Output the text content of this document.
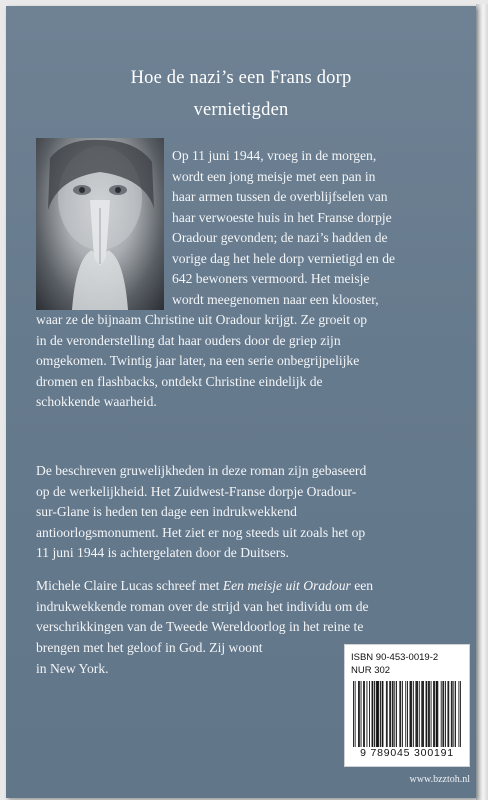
Hoe de nazi’s een Frans dorp
vernietigden
Op 11 juni 1944, vroeg in de morgen,
wordt een jong meisje met een pan in
haar armen tussen de overblijfselen van
haar verwoeste huis in het Franse dorpje
Oradour gevonden; de nazi’s hadden de
vorige dag het hele dorp vernietigd en de
642 bewoners vermoord. Het meisje
wordt meegenomen naar een klooster,
waar ze de bijnaam Christine uit Oradour krijgt. Ze groeit op
in de veronderstelling dat haar ouders door de griep zijn
omgekomen. Twintig jaar later, na een serie onbegrijpelijke
dromen en flashbacks, ontdekt Christine eindelijk de
schokkende waarheid.
De beschreven gruwelijkheden in deze roman zijn gebaseerd
op de werkelijkheid. Het Zuidwest-Franse dorpje Oradour-
sur-Glane is heden ten dage een indrukwekkend
antioorlogsmonument. Het ziet er nog steeds uit zoals het op
11 juni 1944 is achtergelaten door de Duitsers.
Michele Claire Lucas schreef met Een meisje uit Oradour een
indrukwekkende roman over de strijd van het individu om de
verschrikkingen van de Tweede Wereldoorlog in het reine te
brengen met het geloof in God. Zij woont
in New York.
ISBN 90-453-0019-2
NUR 302
9 789045 300191
www.bzztoh.nl
